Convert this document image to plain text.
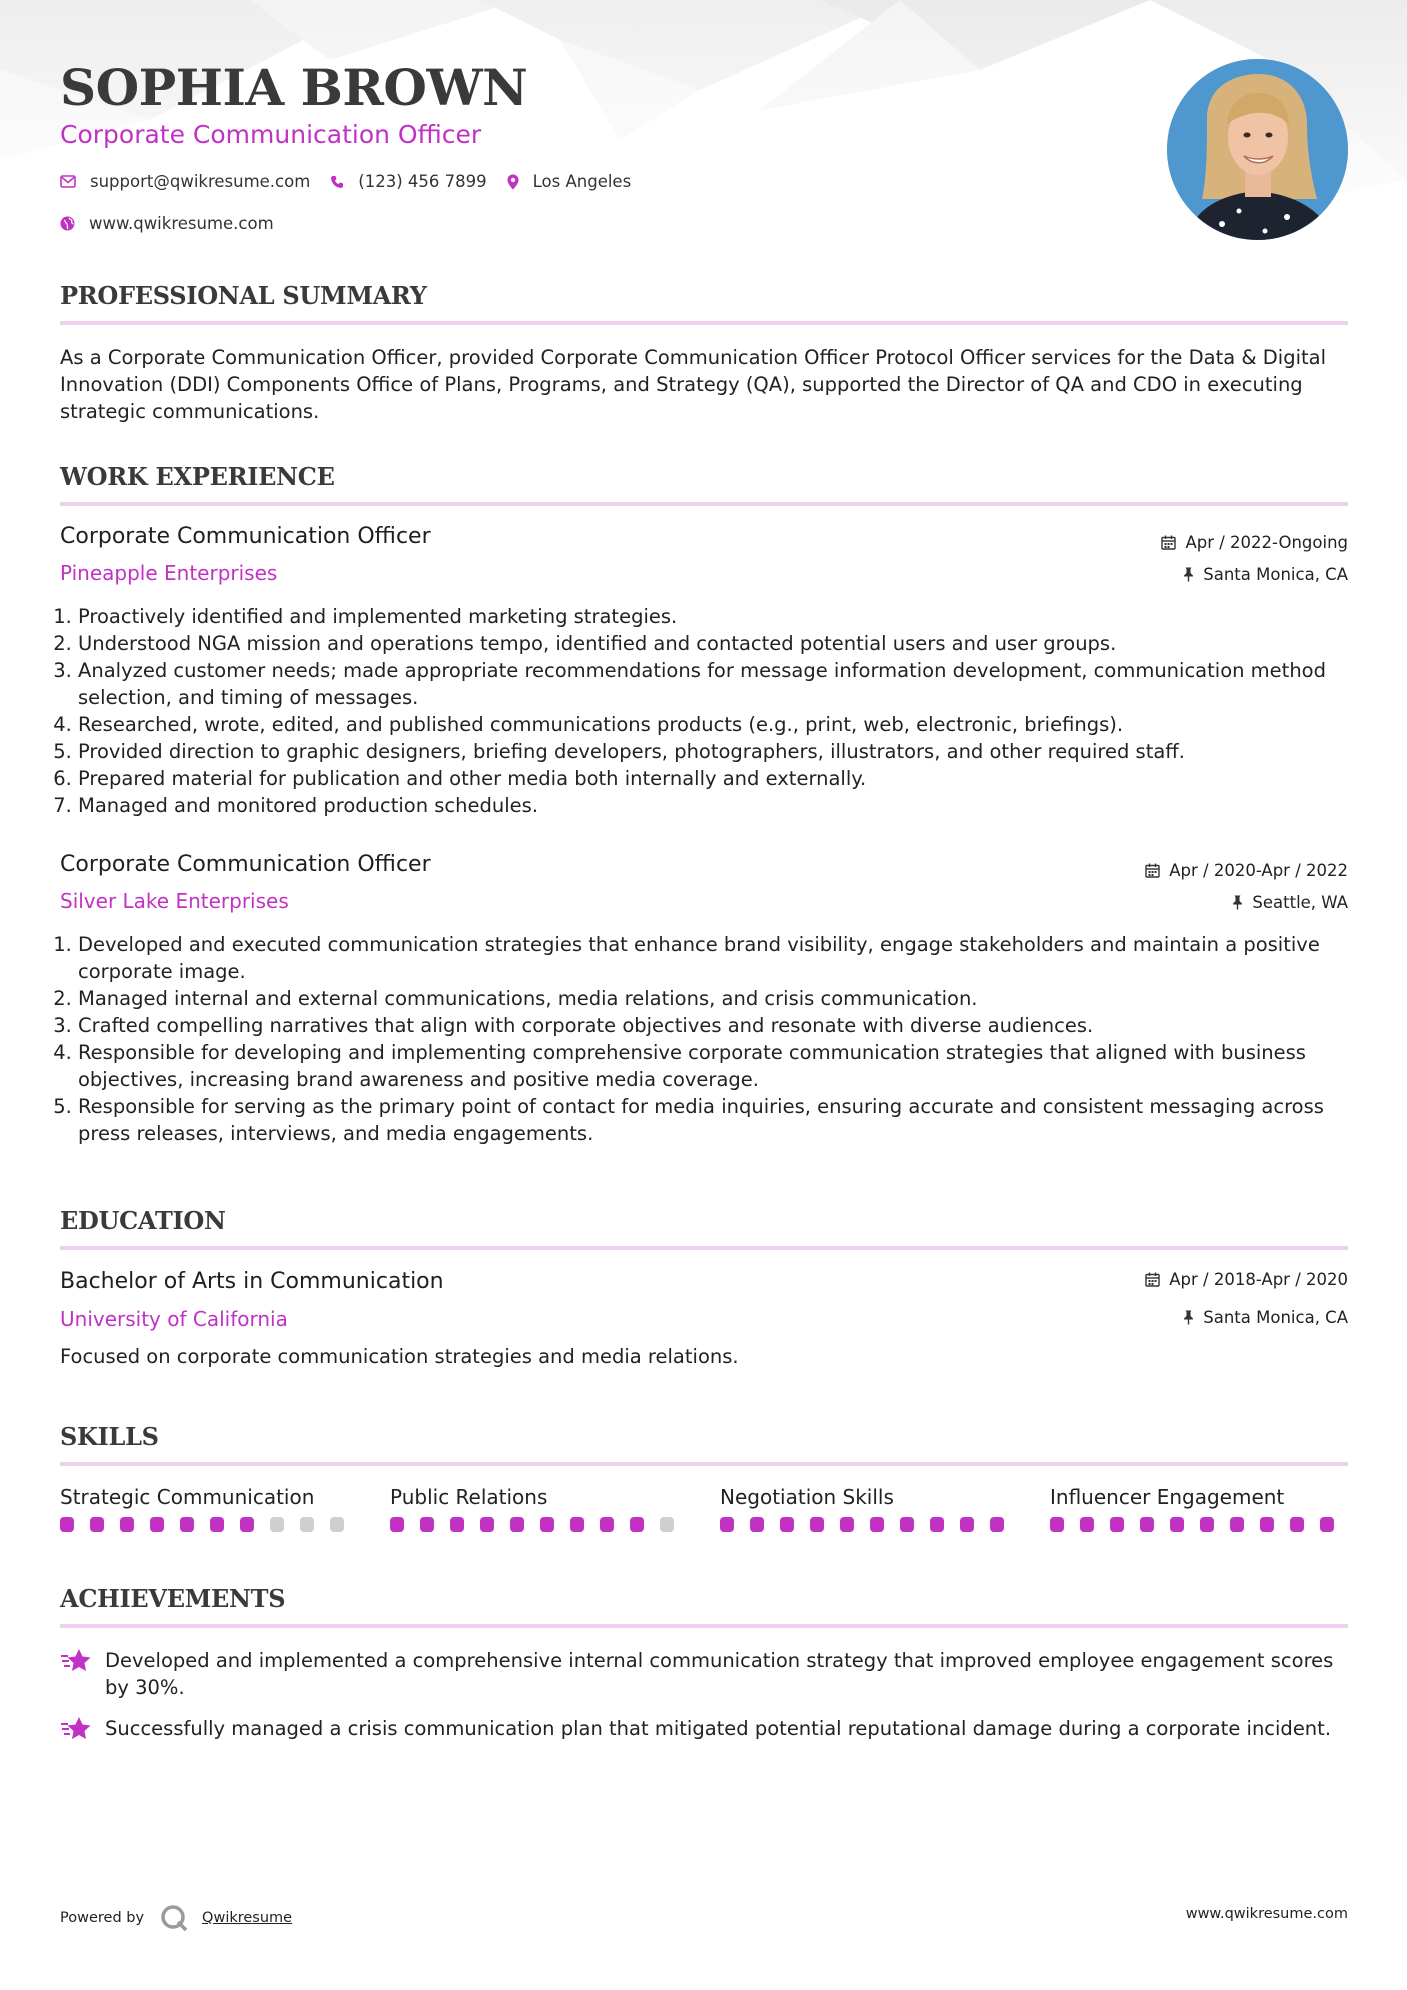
SOPHIA BROWN
Corporate Communication Officer
support@qwikresume.com	(123) 456 7899	Los Angeles
www.qwikresume.com
PROFESSIONAL SUMMARY

As a Corporate Communication Officer, provided Corporate Communication Officer Protocol Officer services for the Data & Digital Innovation (DDI) Components Office of Plans, Programs, and Strategy (QA), supported the Director of QA and CDO in executing strategic communications.

WORK EXPERIENCE
Corporate Communication Officer	Apr / 2022-Ongoing
Pineapple Enterprises	Santa Monica, CA
1. Proactively identified and implemented marketing strategies.
2. Understood NGA mission and operations tempo, identified and contacted potential users and user groups.
3. Analyzed customer needs; made appropriate recommendations for message information development, communication method selection, and timing of messages.
4. Researched, wrote, edited, and published communications products (e.g., print, web, electronic, briefings).
5. Provided direction to graphic designers, briefing developers, photographers, illustrators, and other required staff.
6. Prepared material for publication and other media both internally and externally.
7. Managed and monitored production schedules.
Corporate Communication Officer	Apr / 2020-Apr / 2022
Silver Lake Enterprises	Seattle, WA
1. Developed and executed communication strategies that enhance brand visibility, engage stakeholders and maintain a positive corporate image.
2. Managed internal and external communications, media relations, and crisis communication.
3. Crafted compelling narratives that align with corporate objectives and resonate with diverse audiences.
4. Responsible for developing and implementing comprehensive corporate communication strategies that aligned with business objectives, increasing brand awareness and positive media coverage.
5. Responsible for serving as the primary point of contact for media inquiries, ensuring accurate and consistent messaging across press releases, interviews, and media engagements.
EDUCATION
Bachelor of Arts in Communication	Apr / 2018-Apr / 2020
University of California	Santa Monica, CA

Focused on corporate communication strategies and media relations.

SKILLS
Strategic Communication	Public Relations	Negotiation Skills	Influencer Engagement
ACHIEVEMENTS
Developed and implemented a comprehensive internal communication strategy that improved employee engagement scores by 30%.
Successfully managed a crisis communication plan that mitigated potential reputational damage during a corporate incident.
Powered by	Qwikresume	www.qwikresume.com
